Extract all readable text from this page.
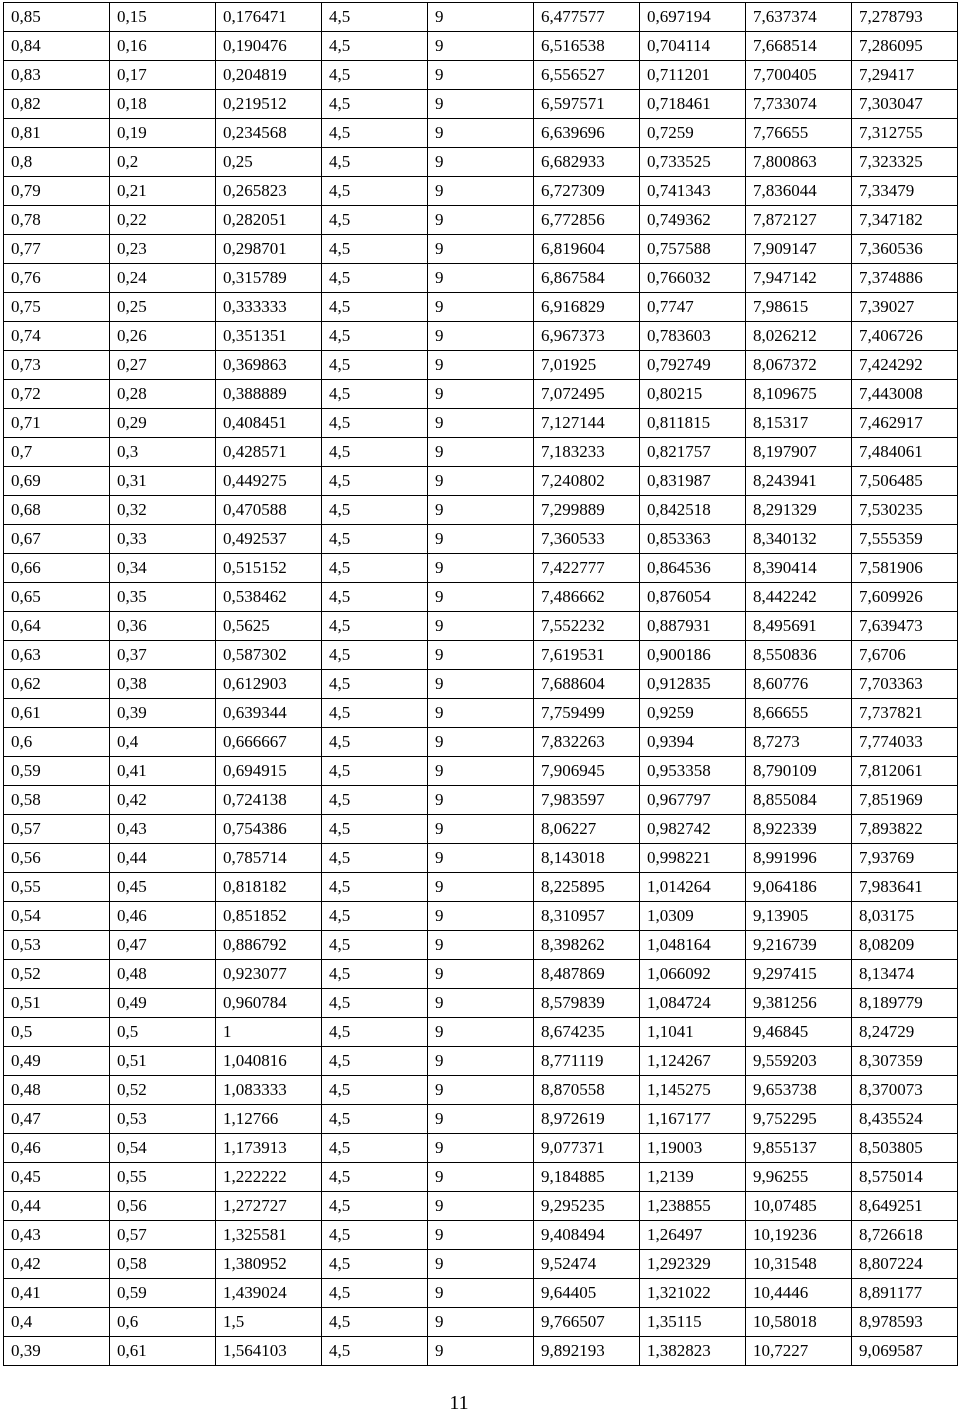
0,85	0,15	0,176471	4,5	9	6,477577	0,697194	7,637374	7,278793
0,84	0,16	0,190476	4,5	9	6,516538	0,704114	7,668514	7,286095
0,83	0,17	0,204819	4,5	9	6,556527	0,711201	7,700405	7,29417
0,82	0,18	0,219512	4,5	9	6,597571	0,718461	7,733074	7,303047
0,81	0,19	0,234568	4,5	9	6,639696	0,7259	7,76655	7,312755
0,8	0,2	0,25	4,5	9	6,682933	0,733525	7,800863	7,323325
0,79	0,21	0,265823	4,5	9	6,727309	0,741343	7,836044	7,33479
0,78	0,22	0,282051	4,5	9	6,772856	0,749362	7,872127	7,347182
0,77	0,23	0,298701	4,5	9	6,819604	0,757588	7,909147	7,360536
0,76	0,24	0,315789	4,5	9	6,867584	0,766032	7,947142	7,374886
0,75	0,25	0,333333	4,5	9	6,916829	0,7747	7,98615	7,39027
0,74	0,26	0,351351	4,5	9	6,967373	0,783603	8,026212	7,406726
0,73	0,27	0,369863	4,5	9	7,01925	0,792749	8,067372	7,424292
0,72	0,28	0,388889	4,5	9	7,072495	0,80215	8,109675	7,443008
0,71	0,29	0,408451	4,5	9	7,127144	0,811815	8,15317	7,462917
0,7	0,3	0,428571	4,5	9	7,183233	0,821757	8,197907	7,484061
0,69	0,31	0,449275	4,5	9	7,240802	0,831987	8,243941	7,506485
0,68	0,32	0,470588	4,5	9	7,299889	0,842518	8,291329	7,530235
0,67	0,33	0,492537	4,5	9	7,360533	0,853363	8,340132	7,555359
0,66	0,34	0,515152	4,5	9	7,422777	0,864536	8,390414	7,581906
0,65	0,35	0,538462	4,5	9	7,486662	0,876054	8,442242	7,609926
0,64	0,36	0,5625	4,5	9	7,552232	0,887931	8,495691	7,639473
0,63	0,37	0,587302	4,5	9	7,619531	0,900186	8,550836	7,6706
0,62	0,38	0,612903	4,5	9	7,688604	0,912835	8,60776	7,703363
0,61	0,39	0,639344	4,5	9	7,759499	0,9259	8,66655	7,737821
0,6	0,4	0,666667	4,5	9	7,832263	0,9394	8,7273	7,774033
0,59	0,41	0,694915	4,5	9	7,906945	0,953358	8,790109	7,812061
0,58	0,42	0,724138	4,5	9	7,983597	0,967797	8,855084	7,851969
0,57	0,43	0,754386	4,5	9	8,06227	0,982742	8,922339	7,893822
0,56	0,44	0,785714	4,5	9	8,143018	0,998221	8,991996	7,93769
0,55	0,45	0,818182	4,5	9	8,225895	1,014264	9,064186	7,983641
0,54	0,46	0,851852	4,5	9	8,310957	1,0309	9,13905	8,03175
0,53	0,47	0,886792	4,5	9	8,398262	1,048164	9,216739	8,08209
0,52	0,48	0,923077	4,5	9	8,487869	1,066092	9,297415	8,13474
0,51	0,49	0,960784	4,5	9	8,579839	1,084724	9,381256	8,189779
0,5	0,5	1	4,5	9	8,674235	1,1041	9,46845	8,24729
0,49	0,51	1,040816	4,5	9	8,771119	1,124267	9,559203	8,307359
0,48	0,52	1,083333	4,5	9	8,870558	1,145275	9,653738	8,370073
0,47	0,53	1,12766	4,5	9	8,972619	1,167177	9,752295	8,435524
0,46	0,54	1,173913	4,5	9	9,077371	1,19003	9,855137	8,503805
0,45	0,55	1,222222	4,5	9	9,184885	1,2139	9,96255	8,575014
0,44	0,56	1,272727	4,5	9	9,295235	1,238855	10,07485	8,649251
0,43	0,57	1,325581	4,5	9	9,408494	1,26497	10,19236	8,726618
0,42	0,58	1,380952	4,5	9	9,52474	1,292329	10,31548	8,807224
0,41	0,59	1,439024	4,5	9	9,64405	1,321022	10,4446	8,891177
0,4	0,6	1,5	4,5	9	9,766507	1,35115	10,58018	8,978593
0,39	0,61	1,564103	4,5	9	9,892193	1,382823	10,7227	9,069587
11
